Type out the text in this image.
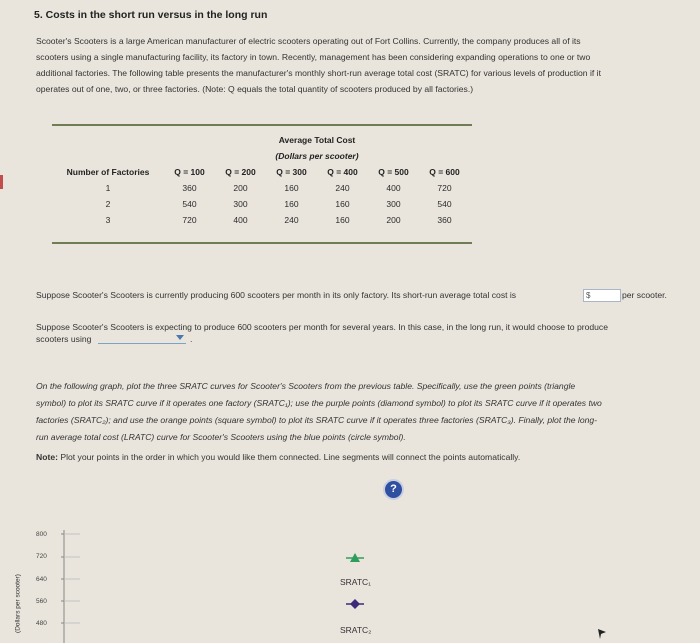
5. Costs in the short run versus in the long run
Scooter's Scooters is a large American manufacturer of electric scooters operating out of Fort Collins. Currently, the company produces all of its
scooters using a single manufacturing facility, its factory in town. Recently, management has been considering expanding operations to one or two
additional factories. The following table presents the manufacturer's monthly short-run average total cost (SRATC) for various levels of production if it
operates out of one, two, or three factories. (Note: Q equals the total quantity of scooters produced by all factories.)
	Average Total Cost					
	(Dollars per scooter)					
Number of Factories	Q = 100	Q = 200	Q = 300	Q = 400	Q = 500	Q = 600
1	360	200	160	240	400	720
2	540	300	160	160	300	540
3	720	400	240	160	200	360
Suppose Scooter's Scooters is currently producing 600 scooters per month in its only factory. Its short-run average total cost is	$	per scooter.
Suppose Scooter's Scooters is expecting to produce 600 scooters per month for several years. In this case, in the long run, it would choose to produce
scooters using	.
On the following graph, plot the three SRATC curves for Scooter's Scooters from the previous table. Specifically, use the green points (triangle
symbol) to plot its SRATC curve if it operates one factory (SRATC₁); use the purple points (diamond symbol) to plot its SRATC curve if it operates two
factories (SRATC₂); and use the orange points (square symbol) to plot its SRATC curve if it operates three factories (SRATC₃). Finally, plot the long-
run average total cost (LRATC) curve for Scooter's Scooters using the blue points (circle symbol).
Note: Plot your points in the order in which you would like them connected. Line segments will connect the points automatically.
?
(Dollars per scooter)
800
720
640
560
480
SRATC₁
SRATC₂
